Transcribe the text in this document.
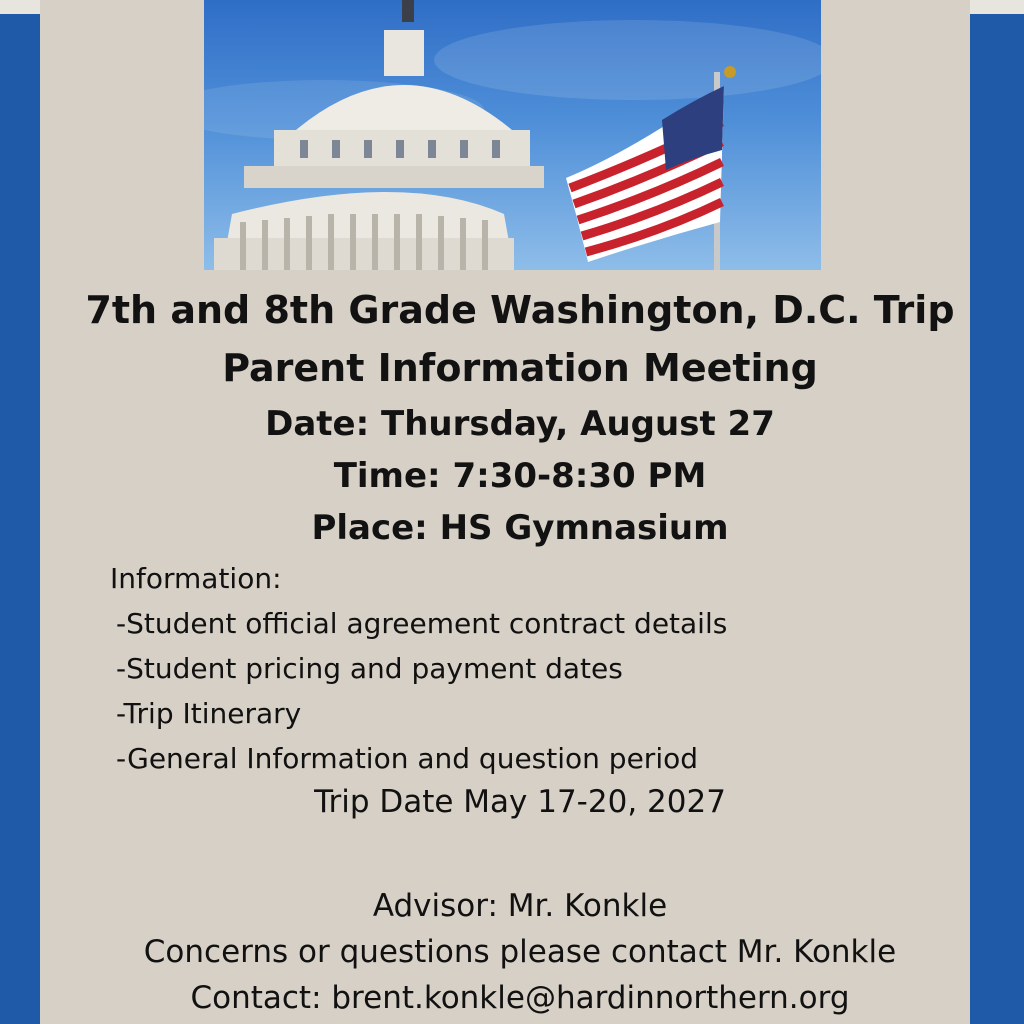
7th and 8th Grade Washington, D.C. Trip
Parent Information Meeting
Date: Thursday, August 27
Time: 7:30-8:30 PM
Place: HS Gymnasium
Information:
-Student official agreement contract details
-Student pricing and payment dates
-Trip Itinerary
-General Information and question period
Trip Date May 17-20, 2027
Advisor: Mr. Konkle
Concerns or questions please contact Mr. Konkle
Contact: brent.konkle@hardinnorthern.org
